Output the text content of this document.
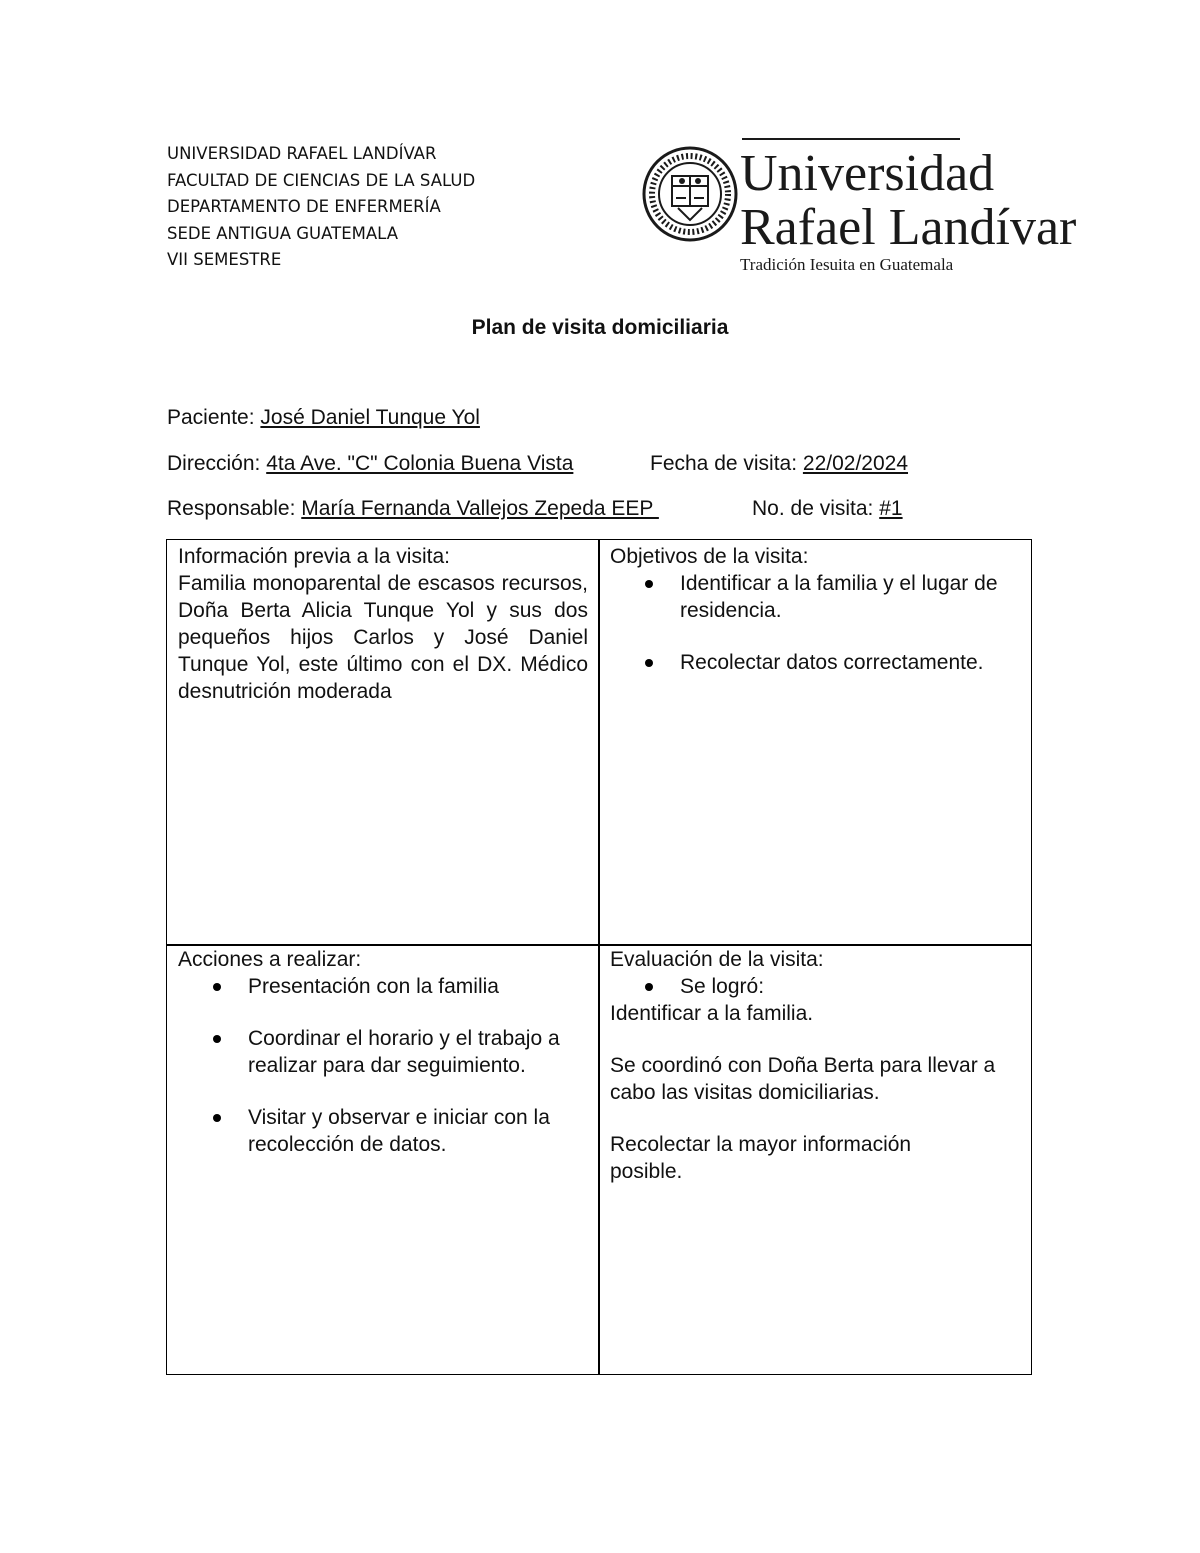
UNIVERSIDAD RAFAEL LANDÍVAR
FACULTAD DE CIENCIAS DE LA SALUD
DEPARTAMENTO DE ENFERMERÍA
SEDE ANTIGUA GUATEMALA
VII SEMESTRE
Universidad
Rafael Landívar
Tradición Iesuita en Guatemala
Plan de visita domiciliaria
Paciente: José Daniel Tunque Yol
Dirección: 4ta Ave. "C" Colonia Buena Vista	Fecha de visita: 22/02/2024
Responsable: María Fernanda Vallejos Zepeda EEP	No. de visita: #1
Información previa a la visita:
Familia monoparental de escasos recursos, Doña Berta Alicia Tunque Yol y sus dos pequeños hijos Carlos y José Daniel Tunque Yol, este último con el DX. Médico desnutrición moderada
Objetivos de la visita:
Identificar a la familia y el lugar de residencia.
Recolectar datos correctamente.
Acciones a realizar:
Presentación con la familia
Coordinar el horario y el trabajo a realizar para dar seguimiento.
Visitar y observar e iniciar con la recolección de datos.
Evaluación de la visita:
Se logró:
Identificar a la familia.
Se coordinó con Doña Berta para llevar a cabo las visitas domiciliarias.
Recolectar la mayor información posible.
